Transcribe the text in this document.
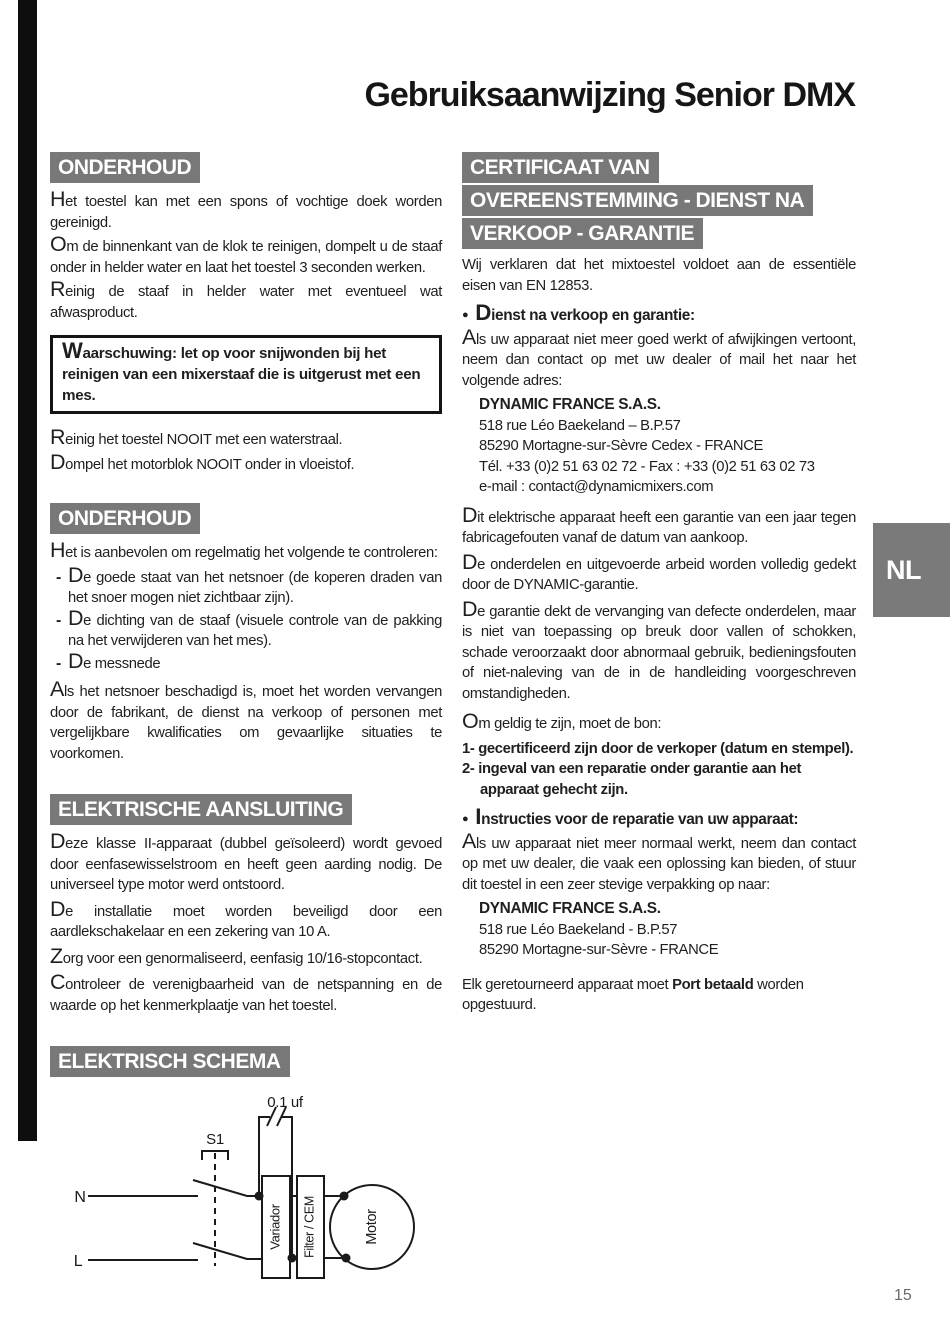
Gebruiksaanwijzing Senior DMX
ONDERHOUD

Het toestel kan met een spons of vochtige doek worden gereinigd.

Om de binnenkant van de klok te reinigen, dompelt u de staaf onder in helder water en laat het toestel 3 seconden werken.

Reinig de staaf in helder water met eventueel wat afwasproduct.

Waarschuwing: let op voor snijwonden bij het reinigen van een mixerstaaf die is uitgerust met een mes.

Reinig het toestel NOOIT met een waterstraal.

Dompel het motorblok NOOIT onder in vloeistof.

ONDERHOUD

Het is aanbevolen om regelmatig het volgende te controleren:

- De goede staat van het netsnoer (de koperen draden van het snoer mogen niet zichtbaar zijn).

- De dichting van de staaf (visuele controle van de pakking na het verwijderen van het mes).

- De messnede

Als het netsnoer beschadigd is, moet het worden vervangen door de fabrikant, de dienst na verkoop of personen met vergelijkbare kwalificaties om gevaarlijke situaties te voorkomen.

ELEKTRISCHE AANSLUITING

Deze klasse II-apparaat (dubbel geïsoleerd) wordt gevoed door eenfasewisselstroom en heeft geen aarding nodig. De universeel type motor werd ontstoord.

De installatie moet worden beveiligd door een aardlekschakelaar en een zekering van 10 A.

Zorg voor een genormaliseerd, eenfasig 10/16-stopcontact.

Controleer de verenigbaarheid van de netspanning en de waarde op het kenmerkplaatje van het toestel.

ELEKTRISCH SCHEMA
0.1 uf
S1
N
L
Variador Filter / CEM	Motor
CERTIFICAAT VAN
OVEREENSTEMMING - DIENST NA
VERKOOP - GARANTIE

Wij verklaren dat het mixtoestel voldoet aan de essentiële eisen van EN 12853.

● Dienst na verkoop en garantie:

Als uw apparaat niet meer goed werkt of afwijkingen vertoont, neem dan contact op met uw dealer of mail het naar het volgende adres:

DYNAMIC FRANCE S.A.S.
518 rue Léo Baekeland – B.P.57
85290 Mortagne-sur-Sèvre Cedex - FRANCE
Tél. +33 (0)2 51 63 02 72 - Fax : +33 (0)2 51 63 02 73
e-mail : contact@dynamicmixers.com

Dit elektrische apparaat heeft een garantie van een jaar tegen fabricagefouten vanaf de datum van aankoop.

De onderdelen en uitgevoerde arbeid worden volledig gedekt door de DYNAMIC-garantie.

De garantie dekt de vervanging van defecte onderdelen, maar is niet van toepassing op breuk door vallen of schokken, schade veroorzaakt door abnormaal gebruik, bedieningsfouten of niet-naleving van de in de handleiding voorgeschreven omstandigheden.

Om geldig te zijn, moet de bon:

1- gecertificeerd zijn door de verkoper (datum en stempel).

2- ingeval van een reparatie onder garantie aan het apparaat gehecht zijn.

● Instructies voor de reparatie van uw apparaat:

Als uw apparaat niet meer normaal werkt, neem dan contact op met uw dealer, die vaak een oplossing kan bieden, of stuur dit toestel in een zeer stevige verpakking op naar:

DYNAMIC FRANCE S.A.S.
518 rue Léo Baekeland - B.P.57
85290 Mortagne-sur-Sèvre - FRANCE

Elk geretourneerd apparaat moet Port betaald worden opgestuurd.

NL
15
